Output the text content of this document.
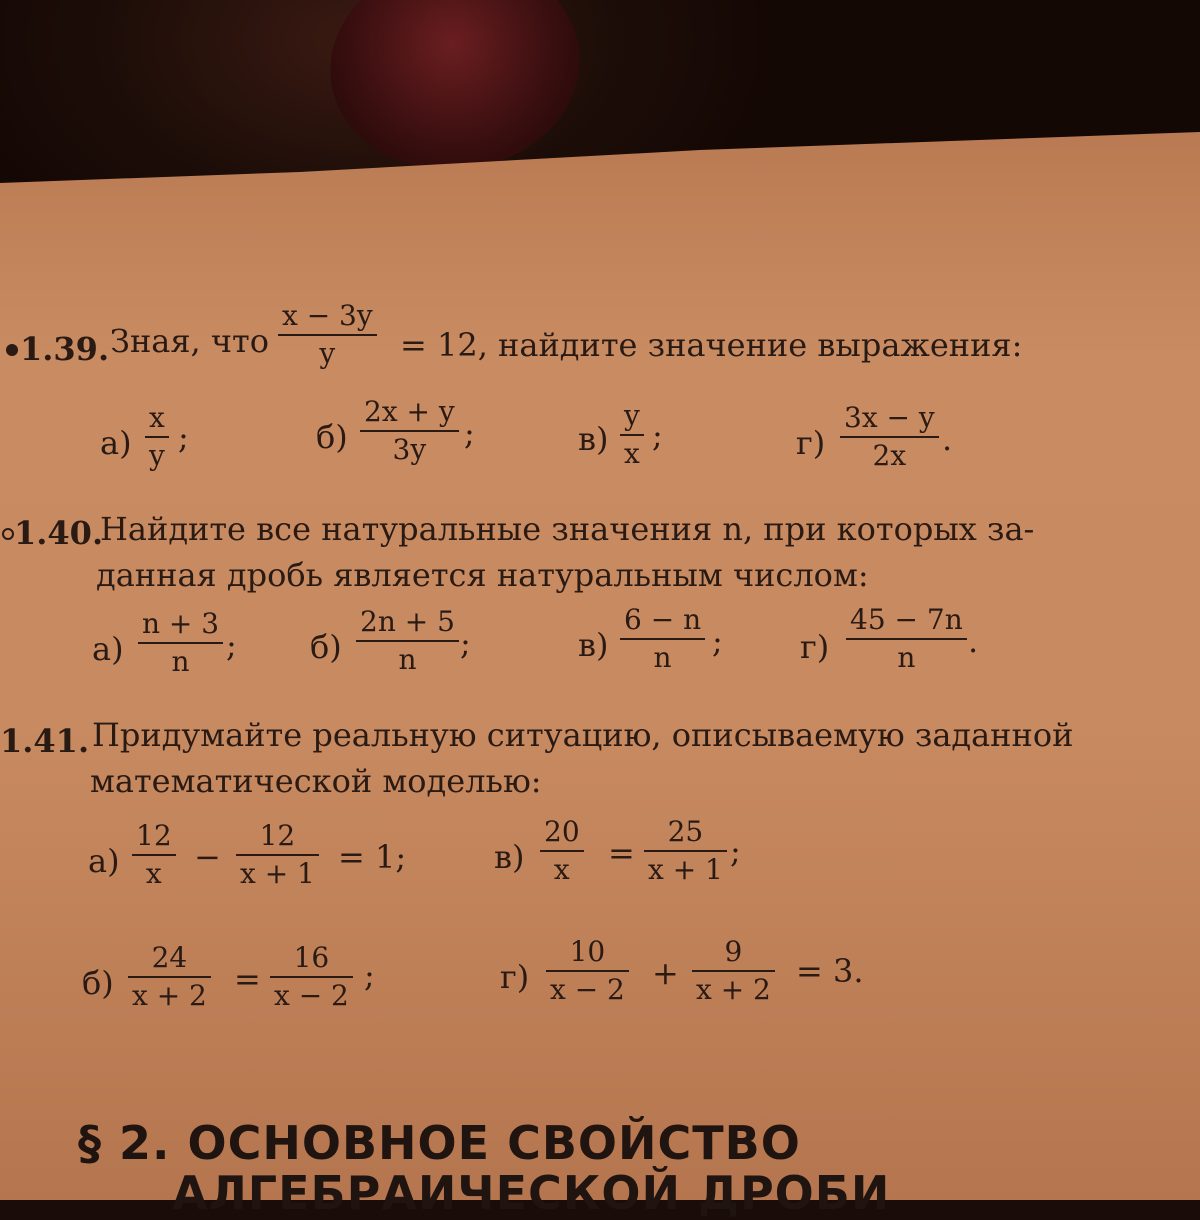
1.39. Зная, что
x − 3y
y = 12, найдите значение выражения:
а)
x
y ;	б)
2x + y
3y ;	в)
y
x ;	г)
3x − y
2x .
1.40.
Найдите все натуральные значения n, при которых за-
данная дробь является натуральным числом:
а)
n + 3
n ; б)
2n + 5
n ;	в)
6 − n
n ; г)
45 − 7n
n .
1.41. Придумайте реальную ситуацию, описываемую заданной
математической моделью:
а)
12
x −
12
x + 1 = 1;	в)
20
x =
25
x + 1 ;
б)
24
x + 2 =
16
x − 2
;	г)
10
x − 2 +
9
x + 2 = 3.
§ 2. ОСНОВНОЕ СВОЙСТВО
АЛГЕБРАИЧЕСКОЙ ДРОБИ
